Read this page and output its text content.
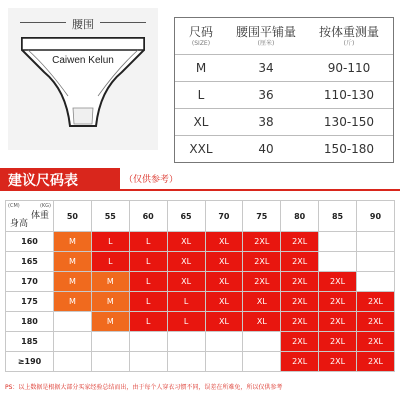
腰围
Caiwen Kelun
尺码
(SIZE)
腰围平铺量
(厘米)
按体重测量
(斤)
M	34	90-110
L	36	110-130
XL	38	130-150
XXL	40	150-180
建议尺码表	（仅供参考）
(CM) (KG)
体重
身高	50	55	60	65	70	75	80	85	90
160	M	L	L	XL	XL	2XL	2XL		
165	M	L	L	XL	XL	2XL	2XL		
170	M	M	L	XL	XL	2XL	2XL	2XL	
175	M	M	L	L	XL	XL	2XL	2XL	2XL
180		M	L	L	XL	XL	2XL	2XL	2XL
185							2XL	2XL	2XL
≥190							2XL	2XL	2XL
PS：以上数据是根据大部分买家经验总结而出，由于每个人穿衣习惯不同，误差在所难免，所以仅供参考
